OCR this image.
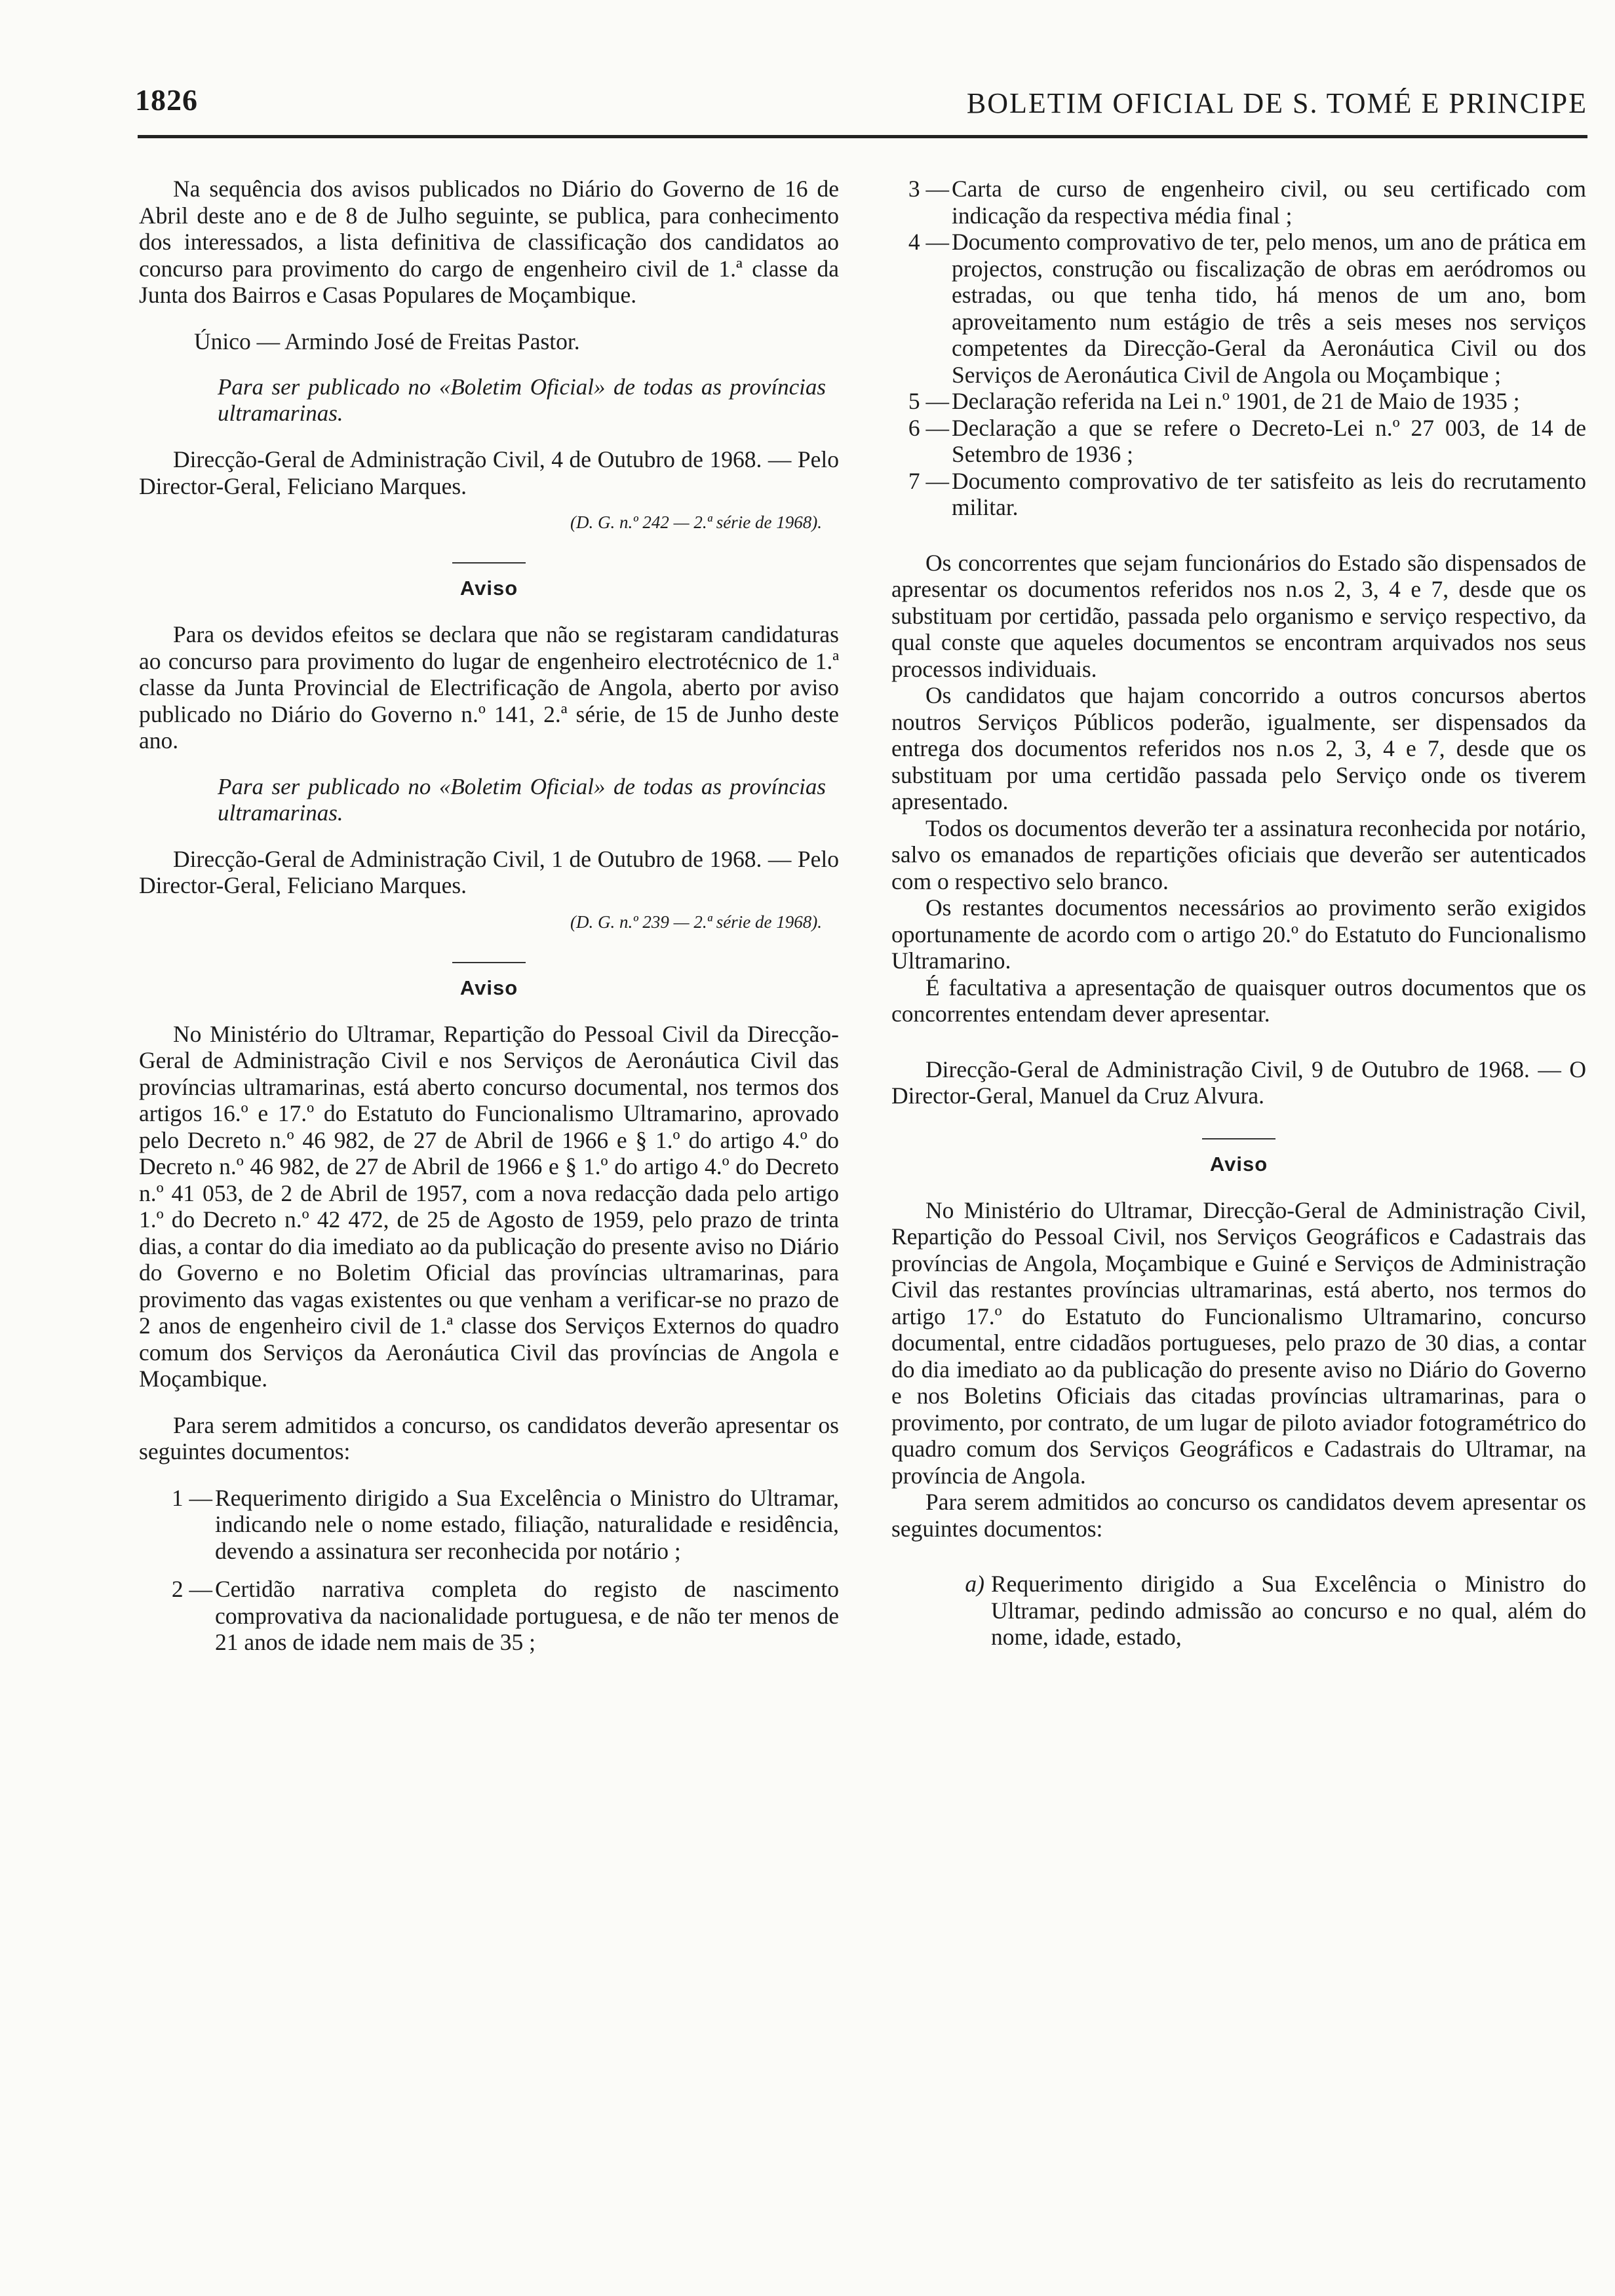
1826	BOLETIM OFICIAL DE S. TOMÉ E PRINCIPE

Na sequência dos avisos publicados no Diário do Governo de 16 de Abril deste ano e de 8 de Julho seguinte, se publica, para conhecimento dos interessados, a lista definitiva de classificação dos candidatos ao concurso para provimento do cargo de engenheiro civil de 1.ª classe da Junta dos Bairros e Casas Populares de Moçambique.

Único — Armindo José de Freitas Pastor.

Para ser publicado no «Boletim Oficial» de todas as províncias ultramarinas.

Direcção-Geral de Administração Civil, 4 de Outubro de 1968. — Pelo Director-Geral, Feliciano Marques.

(D. G. n.º 242 — 2.ª série de 1968).

Aviso

Para os devidos efeitos se declara que não se registaram candidaturas ao concurso para provimento do lugar de engenheiro electrotécnico de 1.ª classe da Junta Provincial de Electrificação de Angola, aberto por aviso publicado no Diário do Governo n.º 141, 2.ª série, de 15 de Junho deste ano.

Para ser publicado no «Boletim Oficial» de todas as províncias ultramarinas.

Direcção-Geral de Administração Civil, 1 de Outubro de 1968. — Pelo Director-Geral, Feliciano Marques.

(D. G. n.º 239 — 2.ª série de 1968).

Aviso

No Ministério do Ultramar, Repartição do Pessoal Civil da Direcção-Geral de Administração Civil e nos Serviços de Aeronáutica Civil das províncias ultramarinas, está aberto concurso documental, nos termos dos artigos 16.º e 17.º do Estatuto do Funcionalismo Ultramarino, aprovado pelo Decreto n.º 46 982, de 27 de Abril de 1966 e § 1.º do artigo 4.º do Decreto n.º 46 982, de 27 de Abril de 1966 e § 1.º do artigo 4.º do Decreto n.º 41 053, de 2 de Abril de 1957, com a nova redacção dada pelo artigo 1.º do Decreto n.º 42 472, de 25 de Agosto de 1959, pelo prazo de trinta dias, a contar do dia imediato ao da publicação do presente aviso no Diário do Governo e no Boletim Oficial das províncias ultramarinas, para provimento das vagas existentes ou que venham a verificar-se no prazo de 2 anos de engenheiro civil de 1.ª classe dos Serviços Externos do quadro comum dos Serviços da Aeronáutica Civil das províncias de Angola e Moçambique.

Para serem admitidos a concurso, os candidatos deverão apresentar os seguintes documentos:

1 — Requerimento dirigido a Sua Excelência o Ministro do Ultramar, indicando nele o nome estado, filiação, naturalidade e residência, devendo a assinatura ser reconhecida por notário ;
2 — Certidão narrativa completa do registo de nascimento comprovativa da nacionalidade portuguesa, e de não ter menos de 21 anos de idade nem mais de 35 ;
3 — Carta de curso de engenheiro civil, ou seu certificado com indicação da respectiva média final ;
4 — Documento comprovativo de ter, pelo menos, um ano de prática em projectos, construção ou fiscalização de obras em aeródromos ou estradas, ou que tenha tido, há menos de um ano, bom aproveitamento num estágio de três a seis meses nos serviços competentes da Direcção-Geral da Aeronáutica Civil ou dos Serviços de Aeronáutica Civil de Angola ou Moçambique ;
5 — Declaração referida na Lei n.º 1901, de 21 de Maio de 1935 ;
6 — Declaração a que se refere o Decreto-Lei n.º 27 003, de 14 de Setembro de 1936 ;
7 — Documento comprovativo de ter satisfeito as leis do recrutamento militar.

Os concorrentes que sejam funcionários do Estado são dispensados de apresentar os documentos referidos nos n.os 2, 3, 4 e 7, desde que os substituam por certidão, passada pelo organismo e serviço respectivo, da qual conste que aqueles documentos se encontram arquivados nos seus processos individuais.

Os candidatos que hajam concorrido a outros concursos abertos noutros Serviços Públicos poderão, igualmente, ser dispensados da entrega dos documentos referidos nos n.os 2, 3, 4 e 7, desde que os substituam por uma certidão passada pelo Serviço onde os tiverem apresentado.

Todos os documentos deverão ter a assinatura reconhecida por notário, salvo os emanados de repartições oficiais que deverão ser autenticados com o respectivo selo branco.

Os restantes documentos necessários ao provimento serão exigidos oportunamente de acordo com o artigo 20.º do Estatuto do Funcionalismo Ultramarino.

É facultativa a apresentação de quaisquer outros documentos que os concorrentes entendam dever apresentar.

Direcção-Geral de Administração Civil, 9 de Outubro de 1968. — O Director-Geral, Manuel da Cruz Alvura.

Aviso

No Ministério do Ultramar, Direcção-Geral de Administração Civil, Repartição do Pessoal Civil, nos Serviços Geográficos e Cadastrais das províncias de Angola, Moçambique e Guiné e Serviços de Administração Civil das restantes províncias ultramarinas, está aberto, nos termos do artigo 17.º do Estatuto do Funcionalismo Ultramarino, concurso documental, entre cidadãos portugueses, pelo prazo de 30 dias, a contar do dia imediato ao da publicação do presente aviso no Diário do Governo e nos Boletins Oficiais das citadas províncias ultramarinas, para o provimento, por contrato, de um lugar de piloto aviador fotogramétrico do quadro comum dos Serviços Geográficos e Cadastrais do Ultramar, na província de Angola.

Para serem admitidos ao concurso os candidatos devem apresentar os seguintes documentos:

a) Requerimento dirigido a Sua Excelência o Ministro do Ultramar, pedindo admissão ao concurso e no qual, além do nome, idade, estado,
